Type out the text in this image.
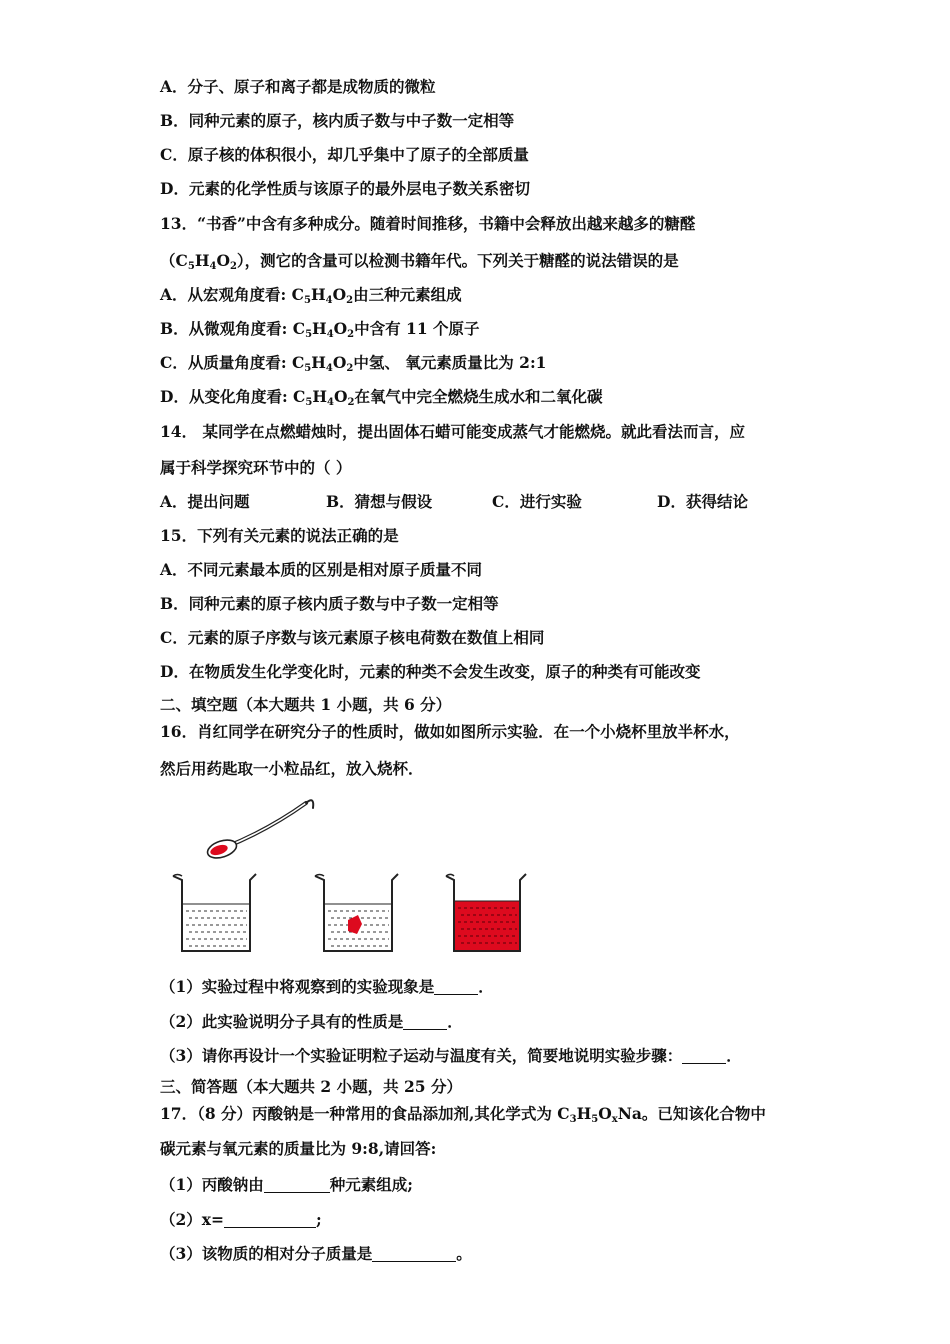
A．分子、原子和离子都是成物质的微粒
B．同种元素的原子，核内质子数与中子数一定相等
C．原子核的体积很小，却几乎集中了原子的全部质量
D．元素的化学性质与该原子的最外层电子数关系密切
13．“书香”中含有多种成分。随着时间推移，书籍中会释放出越来越多的糖醛
$(C_5H_4O_2)$，测它的含量可以检测书籍年代。下列关于糖醛的说法错误的是
A．从宏观角度看: $C_5H_4O_2$由三种元素组成
B．从微观角度看: $C_5H_4O_2$中含有 11 个原子
C．从质量角度看: $C_5H_4O_2$中氢、 氧元素质量比为 2:1
D．从变化角度看: $C_5H_4O_2$在氧气中完全燃烧生成水和二氧化碳
14． 某同学在点燃蜡烛时，提出固体石蜡可能变成蒸气才能燃烧。就此看法而言，应
属于科学探究环节中的（ ）
A．提出问题	B．猜想与假设	C．进行实验	D．获得结论
15．下列有关元素的说法正确的是
A．不同元素最本质的区别是相对原子质量不同
B．同种元素的原子核内质子数与中子数一定相等
C．元素的原子序数与该元素原子核电荷数在数值上相同
D．在物质发生化学变化时，元素的种类不会发生改变，原子的种类有可能改变
二、填空题（本大题共 1 小题，共 6 分）
16．肖红同学在研究分子的性质时，做如如图所示实验．在一个小烧杯里放半杯水，
然后用药匙取一小粒品红，放入烧杯．
（1）实验过程中将观察到的实验现象是	．
（2）此实验说明分子具有的性质是	．
（3）请你再设计一个实验证明粒子运动与温度有关，简要地说明实验步骤：	．
三、简答题（本大题共 2 小题，共 25 分）
17．（8 分）丙酸钠是一种常用的食品添加剂,其化学式为 $C_3H_5O_xNa$。已知该化合物中
碳元素与氧元素的质量比为 9:8,请回答:
（1）丙酸钠由	种元素组成;
（2）x=	;
（3）该物质的相对分子质量是	。
